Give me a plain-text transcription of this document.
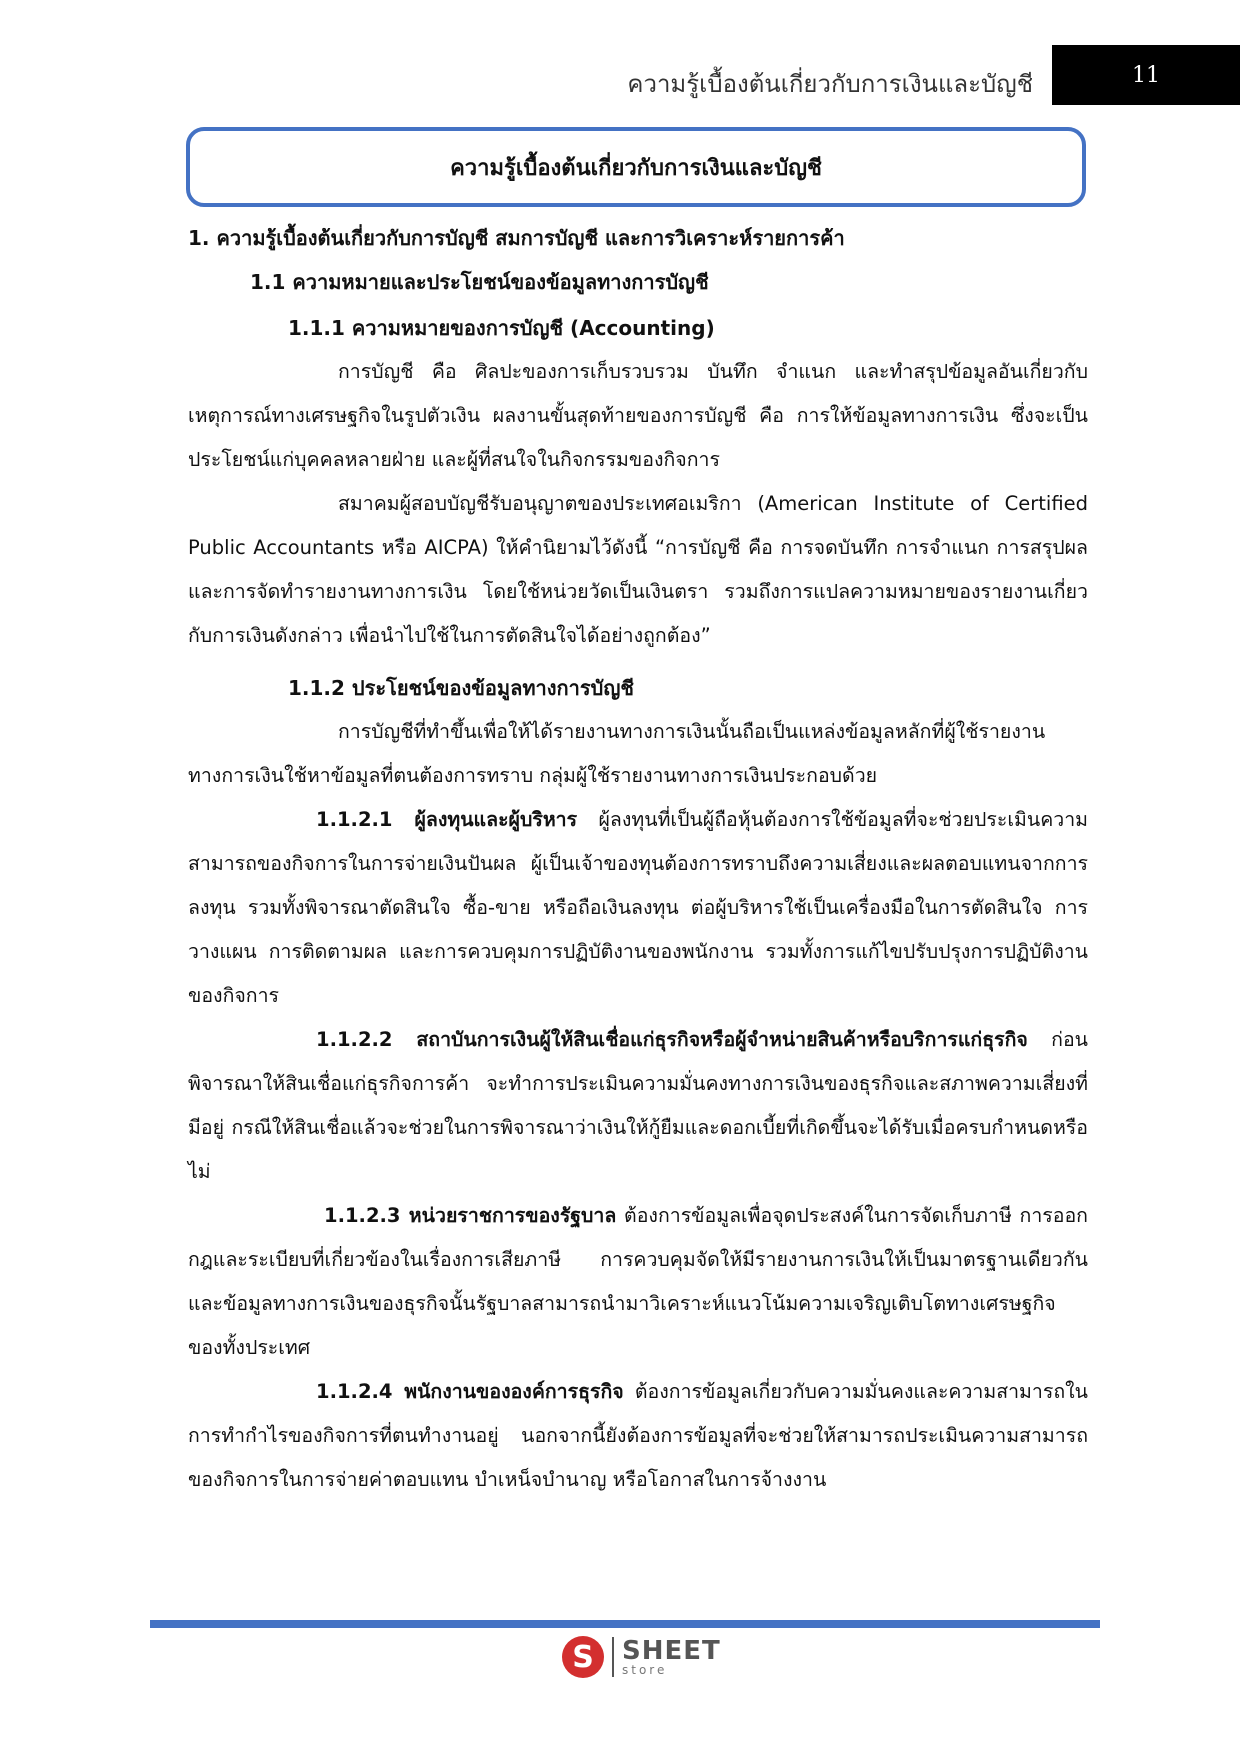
ความรู้เบื้องต้นเกี่ยวกับการเงินและบัญชี	11
ความรู้เบื้องต้นเกี่ยวกับการเงินและบัญชี
1. ความรู้เบื้องต้นเกี่ยวกับการบัญชี สมการบัญชี และการวิเคราะห์รายการค้า
1.1 ความหมายและประโยชน์ของข้อมูลทางการบัญชี
1.1.1 ความหมายของการบัญชี (Accounting)

การบัญชี คือ ศิลปะของการเก็บรวบรวม บันทึก จำแนก และทำสรุปข้อมูลอันเกี่ยวกับเหตุการณ์ทางเศรษฐกิจในรูปตัวเงิน ผลงานขั้นสุดท้ายของการบัญชี คือ การให้ข้อมูลทางการเงิน ซึ่งจะเป็นประโยชน์แก่บุคคลหลายฝ่าย และผู้ที่สนใจในกิจกรรมของกิจการ

สมาคมผู้สอบบัญชีรับอนุญาตของประเทศอเมริกา (American Institute of Certified Public Accountants หรือ AICPA) ให้คำนิยามไว้ดังนี้ “การบัญชี คือ การจดบันทึก การจำแนก การสรุปผล และการจัดทำรายงานทางการเงิน โดยใช้หน่วยวัดเป็นเงินตรา รวมถึงการแปลความหมายของรายงานเกี่ยวกับการเงินดังกล่าว เพื่อนำไปใช้ในการตัดสินใจได้อย่างถูกต้อง”

1.1.2 ประโยชน์ของข้อมูลทางการบัญชี

การบัญชีที่ทำขึ้นเพื่อให้ได้รายงานทางการเงินนั้นถือเป็นแหล่งข้อมูลหลักที่ผู้ใช้รายงานทางการเงินใช้หาข้อมูลที่ตนต้องการทราบ กลุ่มผู้ใช้รายงานทางการเงินประกอบด้วย

1.1.2.1 ผู้ลงทุนและผู้บริหาร ผู้ลงทุนที่เป็นผู้ถือหุ้นต้องการใช้ข้อมูลที่จะช่วยประเมินความสามารถของกิจการในการจ่ายเงินปันผล ผู้เป็นเจ้าของทุนต้องการทราบถึงความเสี่ยงและผลตอบแทนจากการลงทุน รวมทั้งพิจารณาตัดสินใจ ซื้อ-ขาย หรือถือเงินลงทุน ต่อผู้บริหารใช้เป็นเครื่องมือในการตัดสินใจ การวางแผน การติดตามผล และการควบคุมการปฏิบัติงานของพนักงาน รวมทั้งการแก้ไขปรับปรุงการปฏิบัติงานของกิจการ

1.1.2.2 สถาบันการเงินผู้ให้สินเชื่อแก่ธุรกิจหรือผู้จำหน่ายสินค้าหรือบริการแก่ธุรกิจ ก่อนพิจารณาให้สินเชื่อแก่ธุรกิจการค้า จะทำการประเมินความมั่นคงทางการเงินของธุรกิจและสภาพความเสี่ยงที่มีอยู่ กรณีให้สินเชื่อแล้วจะช่วยในการพิจารณาว่าเงินให้กู้ยืมและดอกเบี้ยที่เกิดขึ้นจะได้รับเมื่อครบกำหนดหรือไม่

1.1.2.3 หน่วยราชการของรัฐบาล ต้องการข้อมูลเพื่อจุดประสงค์ในการจัดเก็บภาษี การออกกฎและระเบียบที่เกี่ยวข้องในเรื่องการเสียภาษี การควบคุมจัดให้มีรายงานการเงินให้เป็นมาตรฐานเดียวกัน และข้อมูลทางการเงินของธุรกิจนั้นรัฐบาลสามารถนำมาวิเคราะห์แนวโน้มความเจริญเติบโตทางเศรษฐกิจของทั้งประเทศ

1.1.2.4 พนักงานขององค์การธุรกิจ ต้องการข้อมูลเกี่ยวกับความมั่นคงและความสามารถในการทำกำไรของกิจการที่ตนทำงานอยู่ นอกจากนี้ยังต้องการข้อมูลที่จะช่วยให้สามารถประเมินความสามารถของกิจการในการจ่ายค่าตอบแทน บำเหน็จบำนาญ หรือโอกาสในการจ้างงาน

S	SHEET
store
